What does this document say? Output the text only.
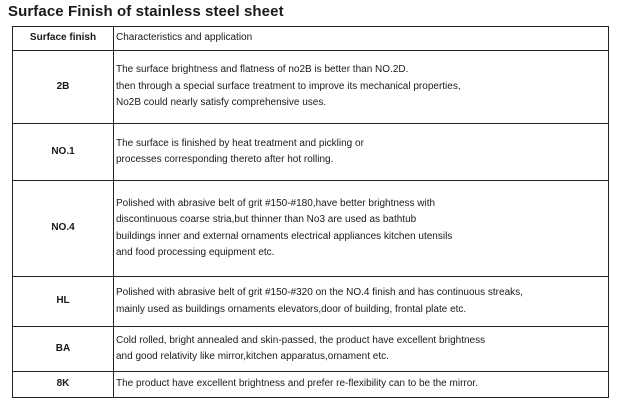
Surface Finish of stainless steel sheet
Surface finish	Characteristics and application
2B	The surface brightness and flatness of no2B is better than NO.2D.
then through a special surface treatment to improve its mechanical properties,
No2B could nearly satisfy comprehensive uses.

NO.1	The surface is finished by heat treatment and pickling or
processes corresponding thereto after hot rolling.

NO.4	Polished with abrasive belt of grit #150-#180,have better brightness with
discontinuous coarse stria,but thinner than No3 are used as bathtub
buildings inner and external ornaments electrical appliances kitchen utensils
and food processing equipment etc.

HL	Polished with abrasive belt of grit #150-#320 on the NO.4 finish and has continuous streaks,
mainly used as buildings ornaments elevators,door of building, frontal plate etc.

BA	Cold rolled, bright annealed and skin-passed, the product have excellent brightness
and good relativity like mirror,kitchen apparatus,ornament etc.

8K	The product have excellent brightness and prefer re-flexibility can to be the mirror.
